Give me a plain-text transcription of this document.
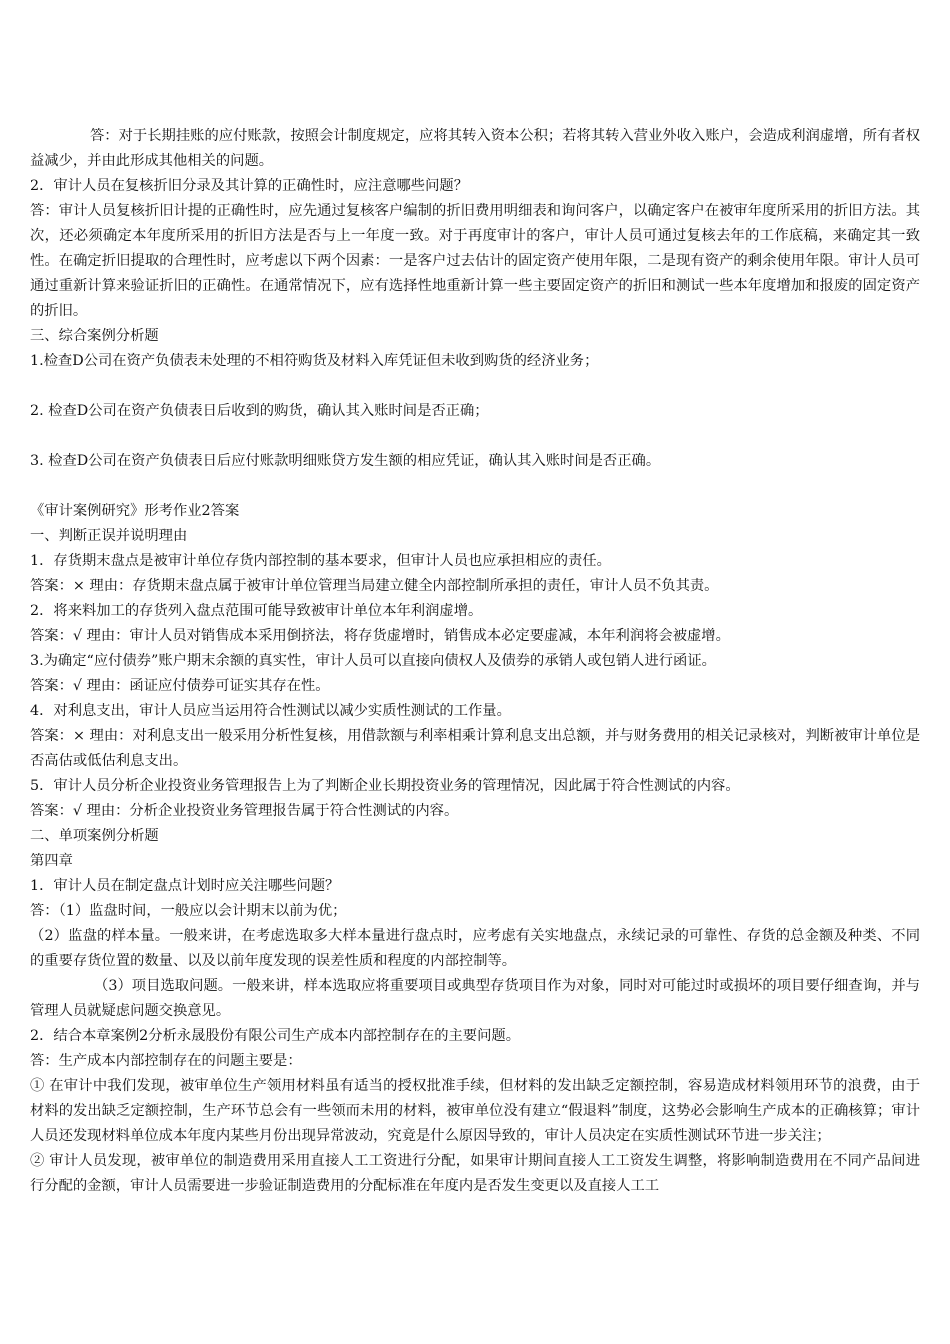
答：对于长期挂账的应付账款，按照会计制度规定，应将其转入资本公积；若将其转入营业外收入账户，会造成利润虚增，所有者权益减少，并由此形成其他相关的问题。

2．审计人员在复核折旧分录及其计算的正确性时，应注意哪些问题？

答：审计人员复核折旧计提的正确性时，应先通过复核客户编制的折旧费用明细表和询问客户，以确定客户在被审年度所采用的折旧方法。其次，还必须确定本年度所采用的折旧方法是否与上一年度一致。对于再度审计的客户，审计人员可通过复核去年的工作底稿，来确定其一致性。在确定折旧提取的合理性时，应考虑以下两个因素：一是客户过去估计的固定资产使用年限，二是现有资产的剩余使用年限。审计人员可通过重新计算来验证折旧的正确性。在通常情况下，应有选择性地重新计算一些主要固定资产的折旧和测试一些本年度增加和报废的固定资产的折旧。

三、综合案例分析题

1.检查D公司在资产负债表未处理的不相符购货及材料入库凭证但未收到购货的经济业务；

2. 检查D公司在资产负债表日后收到的购货，确认其入账时间是否正确；

3. 检查D公司在资产负债表日后应付账款明细账贷方发生额的相应凭证，确认其入账时间是否正确。

《审计案例研究》形考作业2答案

一、判断正误并说明理由

1．存货期末盘点是被审计单位存货内部控制的基本要求，但审计人员也应承担相应的责任。

答案：× 理由：存货期末盘点属于被审计单位管理当局建立健全内部控制所承担的责任，审计人员不负其责。

2．将来料加工的存货列入盘点范围可能导致被审计单位本年利润虚增。

答案：√ 理由：审计人员对销售成本采用倒挤法，将存货虚增时，销售成本必定要虚减，本年利润将会被虚增。

3.为确定“应付债券”账户期末余额的真实性，审计人员可以直接向债权人及债券的承销人或包销人进行函证。

答案：√ 理由：函证应付债券可证实其存在性。

4．对利息支出，审计人员应当运用符合性测试以减少实质性测试的工作量。

答案：× 理由：对利息支出一般采用分析性复核，用借款额与利率相乘计算利息支出总额，并与财务费用的相关记录核对，判断被审计单位是否高估或低估利息支出。

5．审计人员分析企业投资业务管理报告上为了判断企业长期投资业务的管理情况，因此属于符合性测试的内容。

答案：√ 理由：分析企业投资业务管理报告属于符合性测试的内容。

二、单项案例分析题

第四章

1．审计人员在制定盘点计划时应关注哪些问题？

答：（1）监盘时间，一般应以会计期末以前为优；

（2）监盘的样本量。一般来讲，在考虑选取多大样本量进行盘点时，应考虑有关实地盘点，永续记录的可靠性、存货的总金额及种类、不同的重要存货位置的数量、以及以前年度发现的误差性质和程度的内部控制等。

（3）项目选取问题。一般来讲，样本选取应将重要项目或典型存货项目作为对象，同时对可能过时或损坏的项目要仔细查询，并与管理人员就疑虑问题交换意见。

2．结合本章案例2分析永晟股份有限公司生产成本内部控制存在的主要问题。

答：生产成本内部控制存在的问题主要是：

① 在审计中我们发现，被审单位生产领用材料虽有适当的授权批准手续，但材料的发出缺乏定额控制，容易造成材料领用环节的浪费，由于材料的发出缺乏定额控制，生产环节总会有一些领而未用的材料，被审单位没有建立“假退料”制度，这势必会影响生产成本的正确核算；审计人员还发现材料单位成本年度内某些月份出现异常波动，究竟是什么原因导致的，审计人员决定在实质性测试环节进一步关注；

② 审计人员发现，被审单位的制造费用采用直接人工工资进行分配，如果审计期间直接人工工资发生调整，将影响制造费用在不同产品间进行分配的金额，审计人员需要进一步验证制造费用的分配标准在年度内是否发生变更以及直接人工工
